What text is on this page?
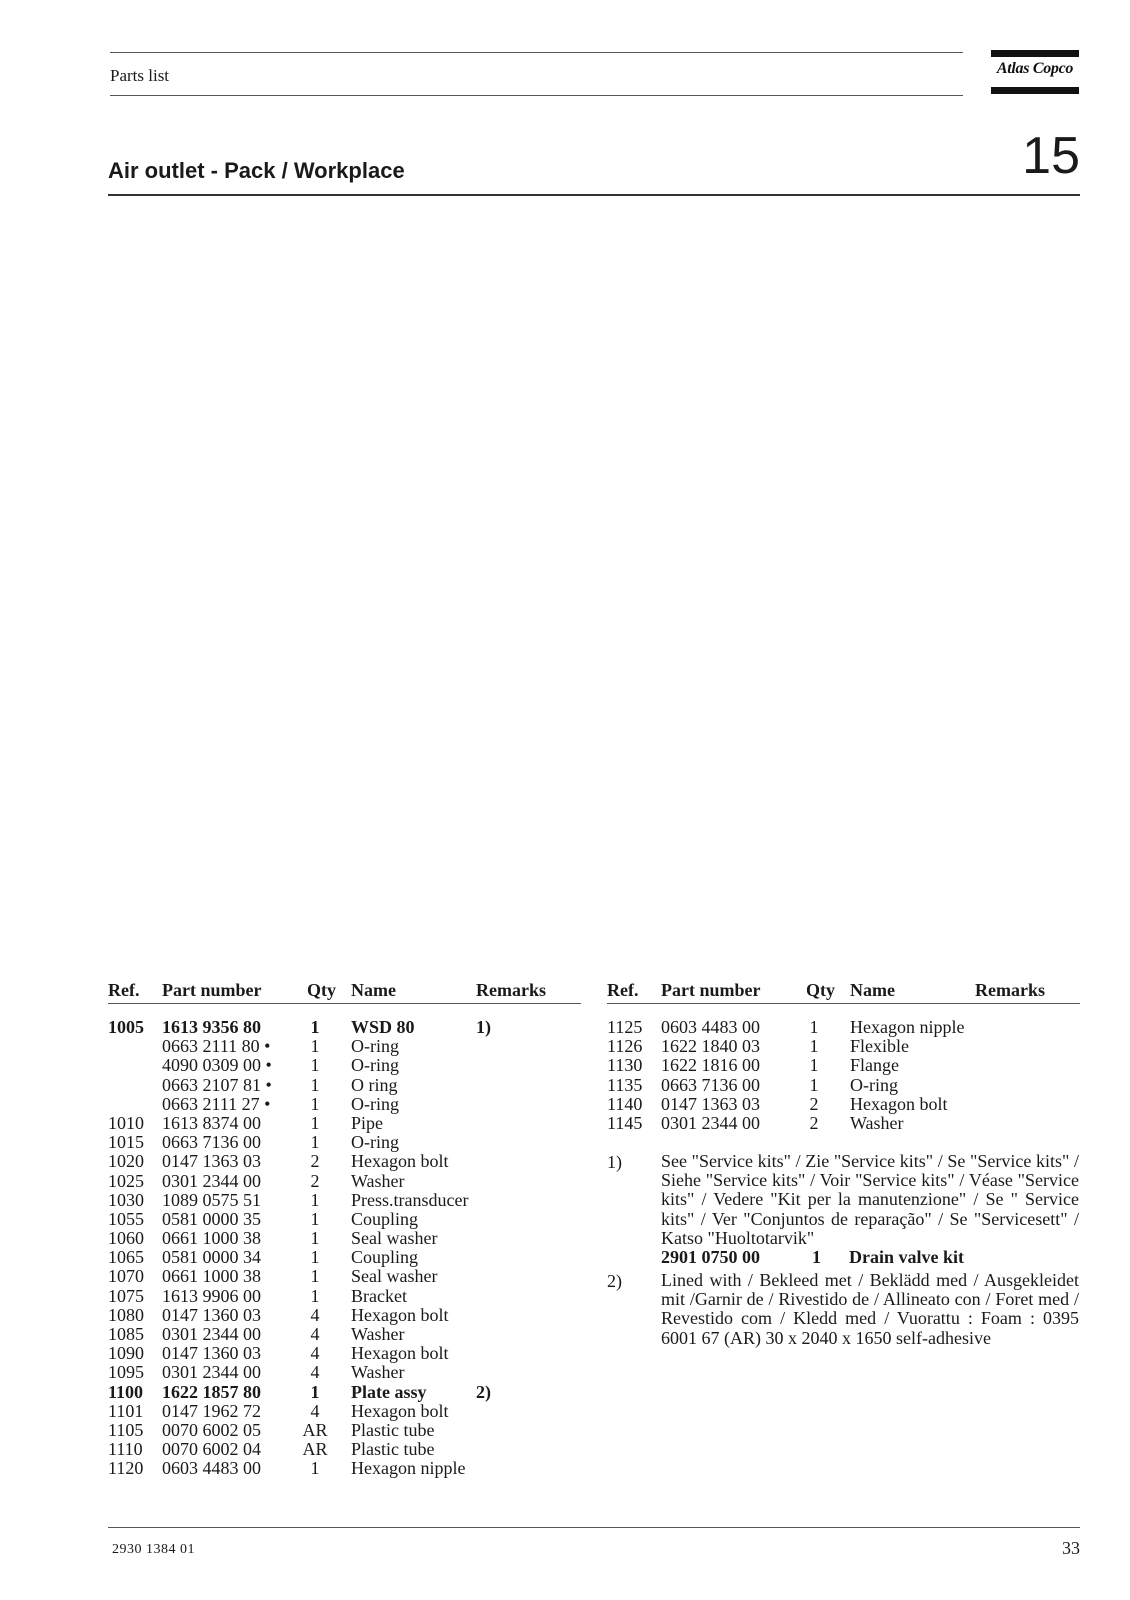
Parts list	Atlas Copco
Air outlet - Pack / Workplace	15
Ref. Part number	Qty Name	Remarks
1005 1613 9356 80	1	WSD 80	1)
0663 2111 80 •	1	O-ring
4090 0309 00 •	1	O-ring
0663 2107 81 •	1	O ring
0663 2111 27 •	1	O-ring
1010 1613 8374 00	1	Pipe
1015 0663 7136 00	1	O-ring
1020 0147 1363 03	2	Hexagon bolt
1025 0301 2344 00	2	Washer
1030 1089 0575 51	1	Press.transducer
1055 0581 0000 35	1	Coupling
1060 0661 1000 38	1	Seal washer
1065 0581 0000 34	1	Coupling
1070 0661 1000 38	1	Seal washer
1075 1613 9906 00	1	Bracket
1080 0147 1360 03	4	Hexagon bolt
1085 0301 2344 00	4	Washer
1090 0147 1360 03	4	Hexagon bolt
1095 0301 2344 00	4	Washer
1100 1622 1857 80	1	Plate assy	2)
1101 0147 1962 72	4	Hexagon bolt
1105 0070 6002 05	AR	Plastic tube
1110 0070 6002 04	AR	Plastic tube
1120 0603 4483 00	1	Hexagon nipple
Ref. Part number	Qty Name	Remarks
1125 0603 4483 00	1	Hexagon nipple
1126 1622 1840 03	1	Flexible
1130 1622 1816 00	1	Flange
1135 0663 7136 00	1	O-ring
1140 0147 1363 03	2	Hexagon bolt
1145 0301 2344 00	2	Washer
1) See "Service kits" / Zie "Service kits" / Se "Service kits" / Siehe "Service kits" / Voir "Service kits" / Véase "Service kits" / Vedere "Kit per la manutenzione" / Se " Service kits" / Ver "Conjuntos de reparação" / Se "Servicesett" / Katso "Huoltotarvik"
2901 0750 00	1 Drain valve kit
2) Lined with / Bekleed met / Beklädd med / Ausgekleidet mit /Garnir de / Rivestido de / Allineato con / Foret med / Revestido com / Kledd med / Vuorattu : Foam : 0395 6001 67 (AR) 30 x 2040 x 1650 self-adhesive
2930 1384 01	33
